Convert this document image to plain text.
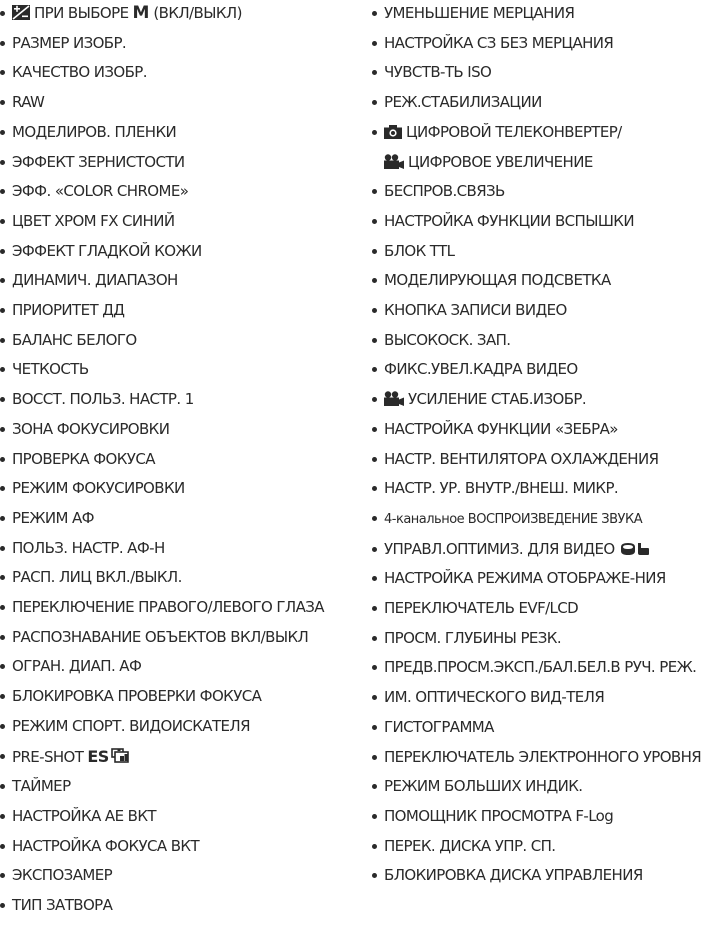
ПРИ ВЫБОРЕ M (ВКЛ/ВЫКЛ)
РАЗМЕР ИЗОБР.
КАЧЕСТВО ИЗОБР.
RAW
МОДЕЛИРОВ. ПЛЕНКИ
ЭФФЕКТ ЗЕРНИСТОСТИ
ЭФФ. «COLOR CHROME»
ЦВЕТ ХРОМ FX СИНИЙ
ЭФФЕКТ ГЛАДКОЙ КОЖИ
ДИНАМИЧ. ДИАПАЗОН
ПРИОРИТЕТ ДД
БАЛАНС БЕЛОГО
ЧЕТКОСТЬ
ВОССТ. ПОЛЬЗ. НАСТР. 1
ЗОНА ФОКУСИРОВКИ
ПРОВЕРКА ФОКУСА
РЕЖИМ ФОКУСИРОВКИ
РЕЖИМ АФ
ПОЛЬЗ. НАСТР. АФ-Н
РАСП. ЛИЦ ВКЛ./ВЫКЛ.
ПЕРЕКЛЮЧЕНИЕ ПРАВОГО/ЛЕВОГО ГЛАЗА
РАСПОЗНАВАНИЕ ОБЪЕКТОВ ВКЛ/ВЫКЛ
ОГРАН. ДИАП. АФ
БЛОКИРОВКА ПРОВЕРКИ ФОКУСА
РЕЖИМ СПОРТ. ВИДОИСКАТЕЛЯ
PRE-SHOT ES
ТАЙМЕР
НАСТРОЙКА АЕ ВКТ
НАСТРОЙКА ФОКУСА ВКТ
ЭКСПОЗАМЕР
ТИП ЗАТВОРА
УМЕНЬШЕНИЕ МЕРЦАНИЯ
НАСТРОЙКА СЗ БЕЗ МЕРЦАНИЯ
ЧУВСТВ-ТЬ ISO
РЕЖ.СТАБИЛИЗАЦИИ
ЦИФРОВОЙ ТЕЛЕКОНВЕРТЕР/

ЦИФРОВОЕ УВЕЛИЧЕНИЕ
БЕСПРОВ.СВЯЗЬ
НАСТРОЙКА ФУНКЦИИ ВСПЫШКИ
БЛОК TTL
МОДЕЛИРУЮЩАЯ ПОДСВЕТКА
КНОПКА ЗАПИСИ ВИДЕО
ВЫСОКОСК. ЗАП.
ФИКС.УВЕЛ.КАДРА ВИДЕО
УСИЛЕНИЕ СТАБ.ИЗОБР.
НАСТРОЙКА ФУНКЦИИ «ЗЕБРА»
НАСТР. ВЕНТИЛЯТОРА ОХЛАЖДЕНИЯ
НАСТР. УР. ВНУТР./ВНЕШ. МИКР.
4-канальное ВОСПРОИЗВЕДЕНИЕ ЗВУКА
УПРАВЛ.ОПТИМИЗ. ДЛЯ ВИДЕО
НАСТРОЙКА РЕЖИМА ОТОБРАЖЕ-НИЯ
ПЕРЕКЛЮЧАТЕЛЬ EVF/LCD
ПРОСМ. ГЛУБИНЫ РЕЗК.
ПРЕДВ.ПРОСМ.ЭКСП./БАЛ.БЕЛ.В РУЧ. РЕЖ.
ИМ. ОПТИЧЕСКОГО ВИД-ТЕЛЯ
ГИСТОГРАММА
ПЕРЕКЛЮЧАТЕЛЬ ЭЛЕКТРОННОГО УРОВНЯ
РЕЖИМ БОЛЬШИХ ИНДИК.
ПОМОЩНИК ПРОСМОТРА F-Log
ПЕРЕК. ДИСКА УПР. СП.
БЛОКИРОВКА ДИСКА УПРАВЛЕНИЯ
